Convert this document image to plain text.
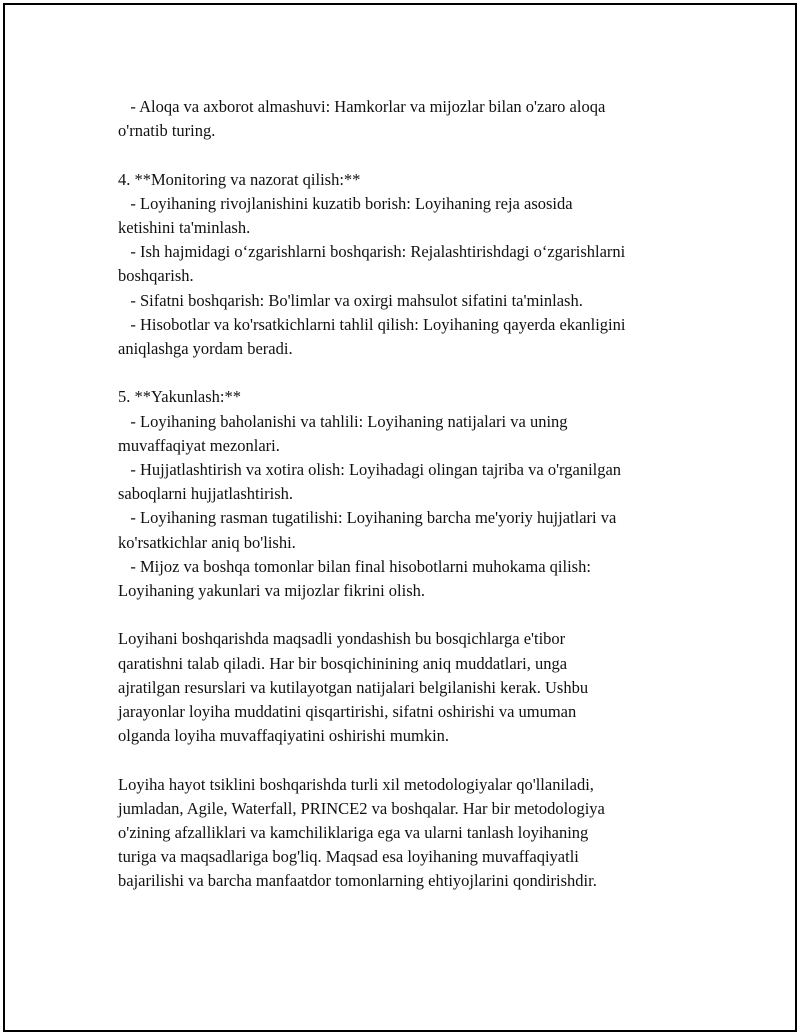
- Aloqa va axborot almashuvi: Hamkorlar va mijozlar bilan o'zaro aloqa
o'rnatib turing.
4. **Monitoring va nazorat qilish:**
- Loyihaning rivojlanishini kuzatib borish: Loyihaning reja asosida
ketishini ta'minlash.
- Ish hajmidagi o‘zgarishlarni boshqarish: Rejalashtirishdagi o‘zgarishlarni
boshqarish.
- Sifatni boshqarish: Bo'limlar va oxirgi mahsulot sifatini ta'minlash.
- Hisobotlar va ko'rsatkichlarni tahlil qilish: Loyihaning qayerda ekanligini
aniqlashga yordam beradi.
5. **Yakunlash:**
- Loyihaning baholanishi va tahlili: Loyihaning natijalari va uning
muvaffaqiyat mezonlari.
- Hujjatlashtirish va xotira olish: Loyihadagi olingan tajriba va o'rganilgan
saboqlarni hujjatlashtirish.
- Loyihaning rasman tugatilishi: Loyihaning barcha me'yoriy hujjatlari va
ko'rsatkichlar aniq bo'lishi.
- Mijoz va boshqa tomonlar bilan final hisobotlarni muhokama qilish:
Loyihaning yakunlari va mijozlar fikrini olish.
Loyihani boshqarishda maqsadli yondashish bu bosqichlarga e'tibor
qaratishni talab qiladi. Har bir bosqichinining aniq muddatlari, unga
ajratilgan resurslari va kutilayotgan natijalari belgilanishi kerak. Ushbu
jarayonlar loyiha muddatini qisqartirishi, sifatni oshirishi va umuman
olganda loyiha muvaffaqiyatini oshirishi mumkin.
Loyiha hayot tsiklini boshqarishda turli xil metodologiyalar qo'llaniladi,
jumladan, Agile, Waterfall, PRINCE2 va boshqalar. Har bir metodologiya
o'zining afzalliklari va kamchiliklariga ega va ularni tanlash loyihaning
turiga va maqsadlariga bog'liq. Maqsad esa loyihaning muvaffaqiyatli
bajarilishi va barcha manfaatdor tomonlarning ehtiyojlarini qondirishdir.
